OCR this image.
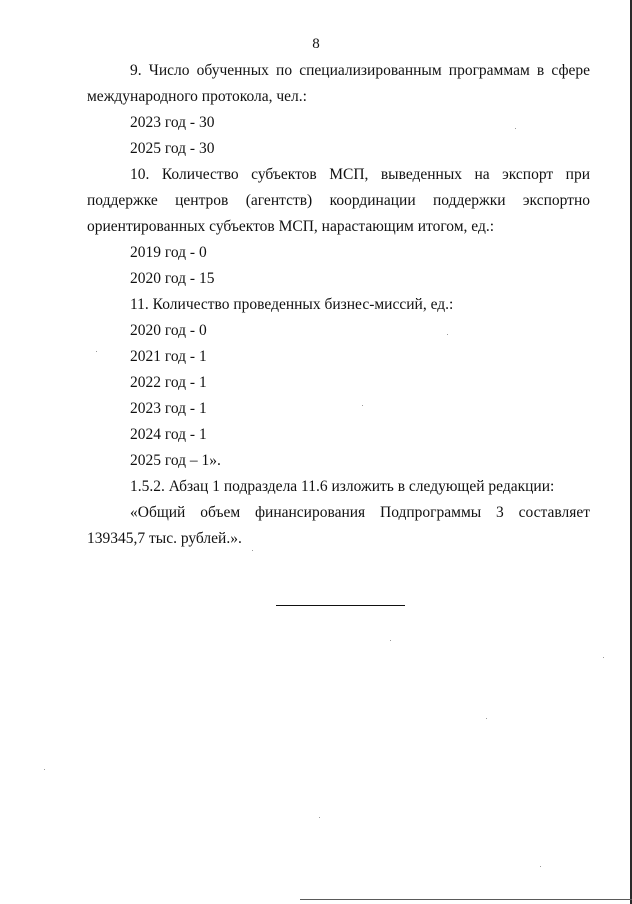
8

9. Число обученных по специализированным программам в сфере международного протокола, чел.:

2023 год - 30

2025 год - 30

10. Количество субъектов МСП, выведенных на экспорт при поддержке центров (агентств) координации поддержки экспортно ориентированных субъектов МСП, нарастающим итогом, ед.:

2019 год - 0

2020 год - 15

11. Количество проведенных бизнес-миссий, ед.:

2020 год - 0

2021 год - 1

2022 год - 1

2023 год - 1

2024 год - 1

2025 год – 1».

1.5.2. Абзац 1 подраздела 11.6 изложить в следующей редакции:

«Общий объем финансирования Подпрограммы 3 составляет 139345,7 тыс. рублей.».
